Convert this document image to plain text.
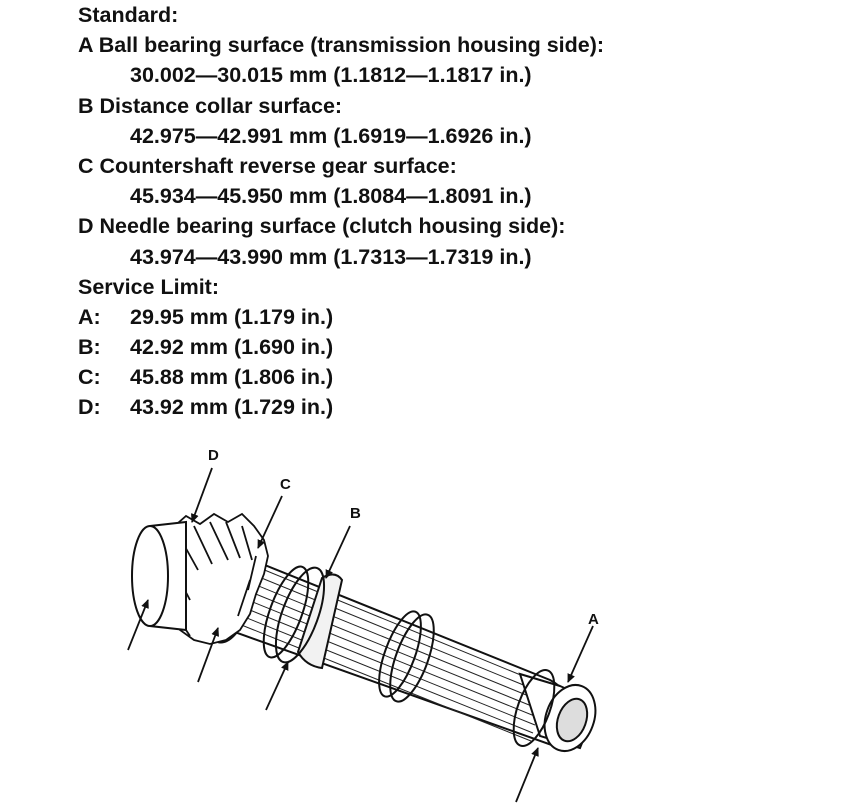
Standard:
A Ball bearing surface (transmission housing side):
30.002—30.015 mm (1.1812—1.1817 in.)
B Distance collar surface:
42.975—42.991 mm (1.6919—1.6926 in.)
C Countershaft reverse gear surface:
45.934—45.950 mm (1.8084—1.8091 in.)
D Needle bearing surface (clutch housing side):
43.974—43.990 mm (1.7313—1.7319 in.)
Service Limit:
A:	29.95 mm (1.179 in.)
B:	42.92 mm (1.690 in.)
C:	45.88 mm (1.806 in.)
D:	43.92 mm (1.729 in.)
D
C
B
A
